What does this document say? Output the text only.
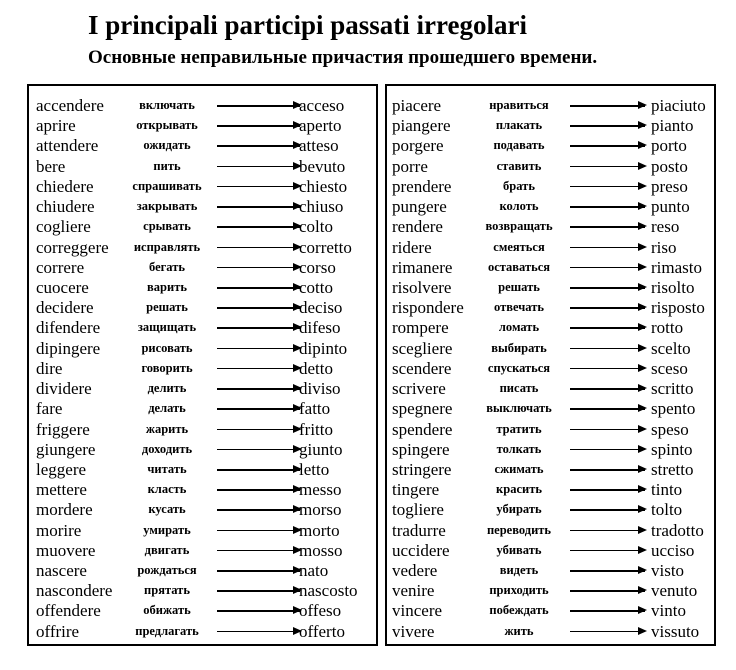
I principali participi passati irregolari
Основные неправильные причастия прошедшего времени.
accendere	включать	acceso
aprire	открывать	aperto
attendere	ожидать	atteso
bere	пить	bevuto
chiedere	спрашивать	chiesto
chiudere	закрывать	chiuso
cogliere	срывать	colto
correggere	исправлять	corretto
correre	бегать	corso
cuocere	варить	cotto
decidere	решать	deciso
difendere	защищать	difeso
dipingere	рисовать	dipinto
dire	говорить	detto
dividere	делить	diviso
fare	делать	fatto
friggere	жарить	fritto
giungere	доходить	giunto
leggere	читать	letto
mettere	класть	messo
mordere	кусать	morso
morire	умирать	morto
muovere	двигать	mosso
nascere	рождаться	nato
nascondere	прятать	nascosto
offendere	обижать	offeso
offrire	предлагать	offerto
piacere	нравиться	piaciuto
piangere	плакать	pianto
porgere	подавать	porto
porre	ставить	posto
prendere	брать	preso
pungere	колоть	punto
rendere	возвращать	reso
ridere	смеяться	riso
rimanere	оставаться	rimasto
risolvere	решать	risolto
rispondere	отвечать	risposto
rompere	ломать	rotto
scegliere	выбирать	scelto
scendere	спускаться	sceso
scrivere	писать	scritto
spegnere	выключать	spento
spendere	тратить	speso
spingere	толкать	spinto
stringere	сжимать	stretto
tingere	красить	tinto
togliere	убирать	tolto
tradurre	переводить	tradotto
uccidere	убивать	ucciso
vedere	видеть	visto
venire	приходить	venuto
vincere	побеждать	vinto
vivere	жить	vissuto
